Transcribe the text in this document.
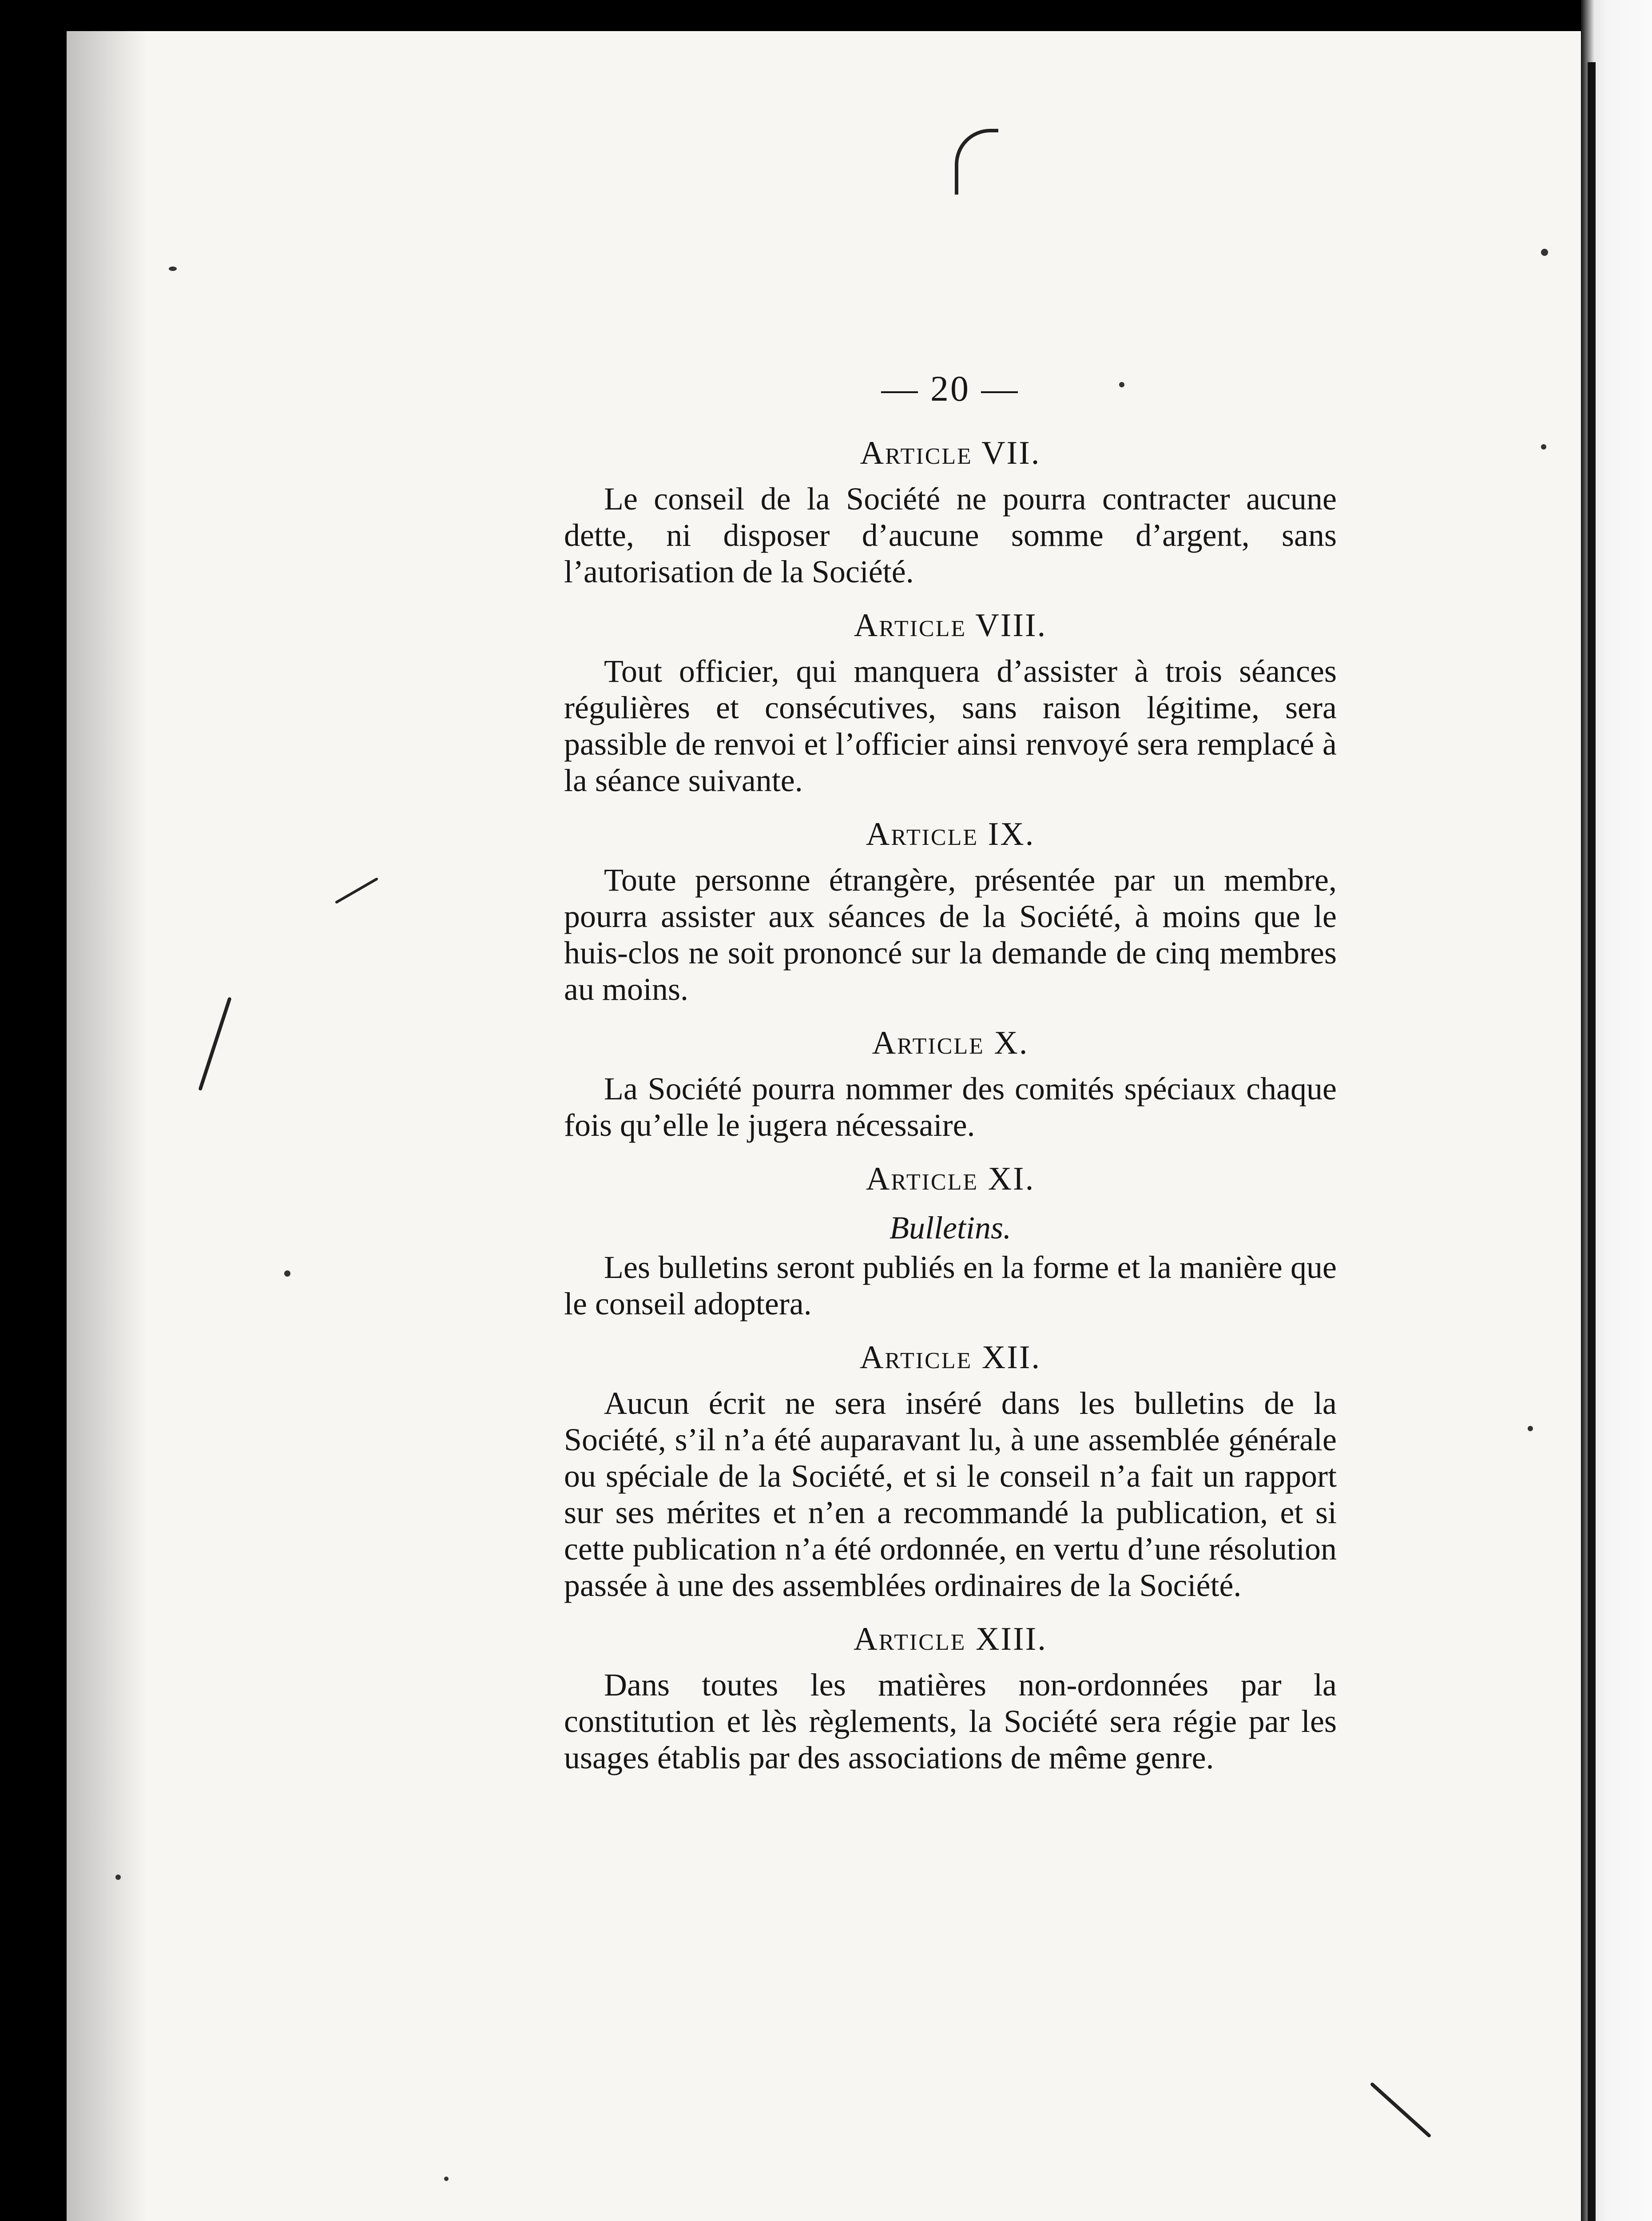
— 20 —
Article VII.

Le conseil de la Société ne pourra contracter aucune dette, ni disposer d’aucune somme d’argent, sans l’autorisation de la Société.

Article VIII.

Tout officier, qui manquera d’assister à trois séances régulières et consécutives, sans raison légitime, sera passible de renvoi et l’officier ainsi renvoyé sera remplacé à la séance suivante.

Article IX.

Toute personne étrangère, présentée par un membre, pourra assister aux séances de la Société, à moins que le huis-clos ne soit prononcé sur la demande de cinq membres au moins.

Article X.

La Société pourra nommer des comités spéciaux chaque fois qu’elle le jugera nécessaire.

Article XI.
Bulletins.

Les bulletins seront publiés en la forme et la manière que le conseil adoptera.

Article XII.

Aucun écrit ne sera inséré dans les bulletins de la Société, s’il n’a été auparavant lu, à une assemblée générale ou spéciale de la Société, et si le conseil n’a fait un rapport sur ses mérites et n’en a recommandé la publication, et si cette publication n’a été ordonnée, en vertu d’une résolution passée à une des assemblées ordinaires de la Société.

Article XIII.

Dans toutes les matières non-ordonnées par la constitution et lès règlements, la Société sera régie par les usages établis par des associations de même genre.
